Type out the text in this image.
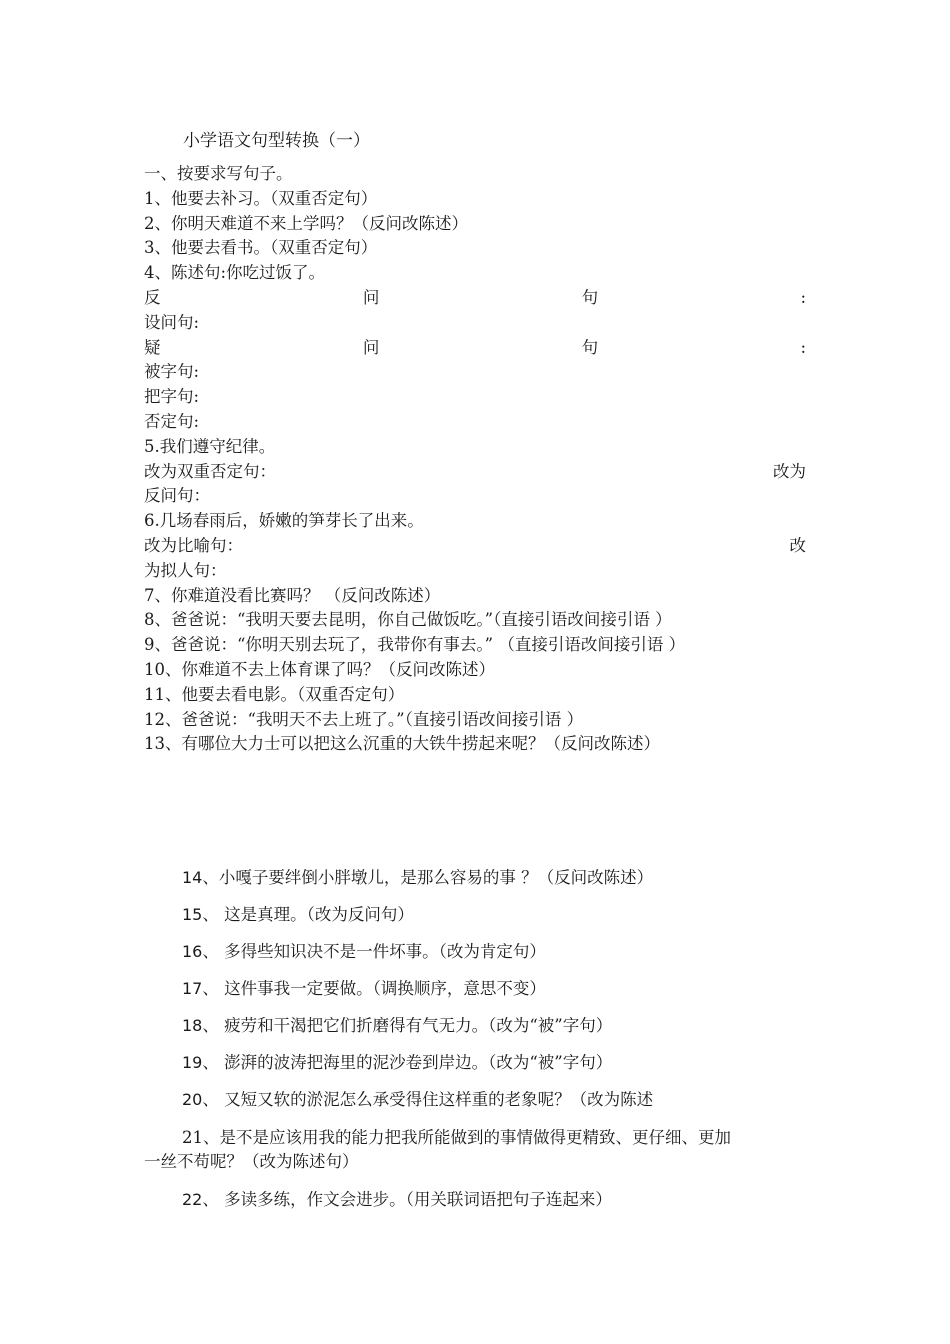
小学语文句型转换（一）
一、按要求写句子。
1、他要去补习。（双重否定句）
2、你明天难道不来上学吗？（反问改陈述）
3、他要去看书。（双重否定句）
4、陈述句:你吃过饭了。
反	问	句	:
设问句:
疑	问	句	:
被字句:
把字句:
否定句:
5.我们遵守纪律。
改为双重否定句：	改为
反问句：
6.几场春雨后，娇嫩的笋芽长了出来。
改为比喻句：	改
为拟人句：
7、你难道没看比赛吗？ （反问改陈述）
8、爸爸说：“我明天要去昆明，你自己做饭吃。”（直接引语改间接引语 ）
9、爸爸说：“你明天别去玩了，我带你有事去。” （直接引语改间接引语 ）
10、你难道不去上体育课了吗？（反问改陈述）
11、他要去看电影。（双重否定句）
12、爸爸说：“我明天不去上班了。”（直接引语改间接引语 ）
13、有哪位大力士可以把这么沉重的大铁牛捞起来呢？（反问改陈述）
14、小嘎子要绊倒小胖墩儿，是那么容易的事 ？（反问改陈述）
15、 这是真理。（改为反问句）
16、 多得些知识决不是一件坏事。（改为肯定句）
17、 这件事我一定要做。（调换顺序，意思不变）
18、 疲劳和干渴把它们折磨得有气无力。（改为“被”字句）
19、 澎湃的波涛把海里的泥沙卷到岸边。（改为“被”字句）
20、 又短又软的淤泥怎么承受得住这样重的老象呢？（改为陈述
21、是不是应该用我的能力把我所能做到的事情做得更精致、更仔细、更加
一丝不苟呢？（改为陈述句）
22、 多读多练，作文会进步。（用关联词语把句子连起来）
